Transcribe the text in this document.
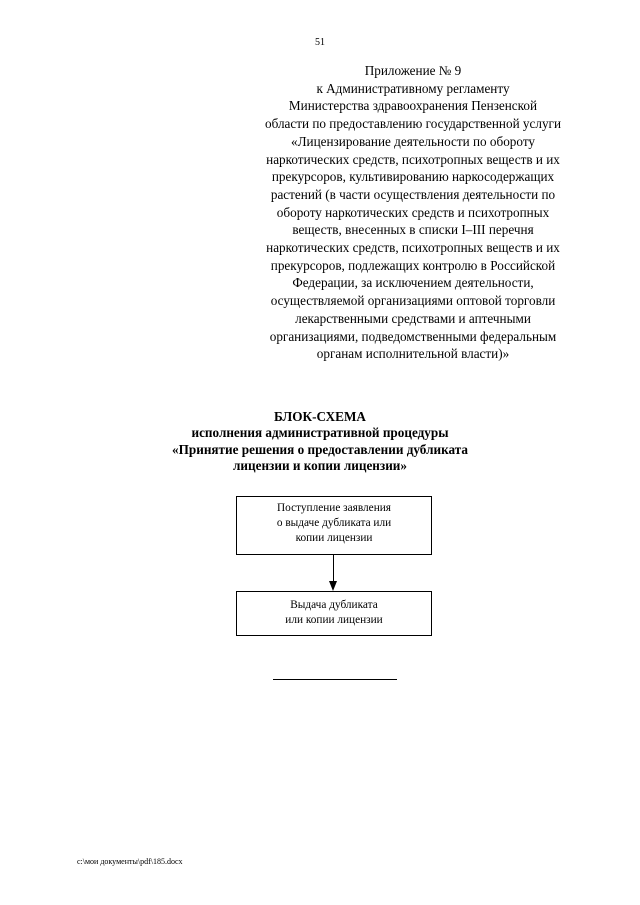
51
Приложение № 9
к Административному регламенту
Министерства здравоохранения Пензенской
области по предоставлению государственной услуги
«Лицензирование деятельности по обороту
наркотических средств, психотропных веществ и их
прекурсоров, культивированию наркосодержащих
растений (в части осуществления деятельности по
обороту наркотических средств и психотропных
веществ, внесенных в списки I–III перечня
наркотических средств, психотропных веществ и их
прекурсоров, подлежащих контролю в Российской
Федерации, за исключением деятельности,
осуществляемой организациями оптовой торговли
лекарственными средствами и аптечными
организациями, подведомственными федеральным
органам исполнительной власти)»
БЛОК-СХЕМА
исполнения административной процедуры
«Принятие решения о предоставлении дубликата
лицензии и копии лицензии»
Поступление заявления
о выдаче дубликата или
копии лицензии
Выдача дубликата
или копии лицензии
c:\мои документы\pdf\185.docx
